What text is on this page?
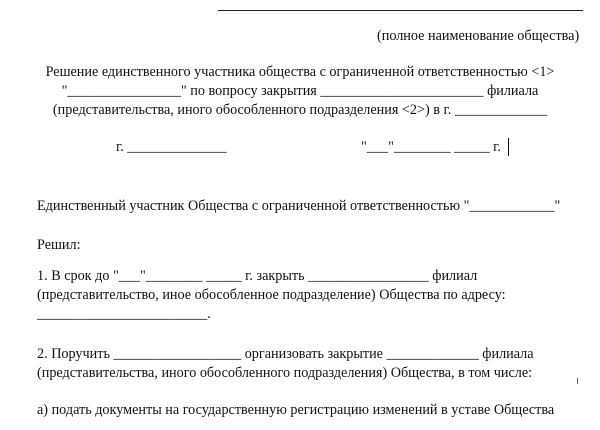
(полное наименование общества)
Решение единственного участника общества с ограниченной ответственностью <1>
"________________" по вопросу закрытия _______________________ филиала
(представительства, иного обособленного подразделения <2>) в г. _____________
г. ______________	"___"________ _____ г.
Единственный участник Общества с ограниченной ответственностью "____________"
Решил:
1. В срок до "___"________ _____ г. закрыть _________________ филиал
(представительство, иное обособленное подразделение) Общества по адресу:
________________________.
2. Поручить __________________ организовать закрытие _____________ филиала
(представительства, иного обособленного подразделения) Общества, в том числе:
а) подать документы на государственную регистрацию изменений в уставе Общества
